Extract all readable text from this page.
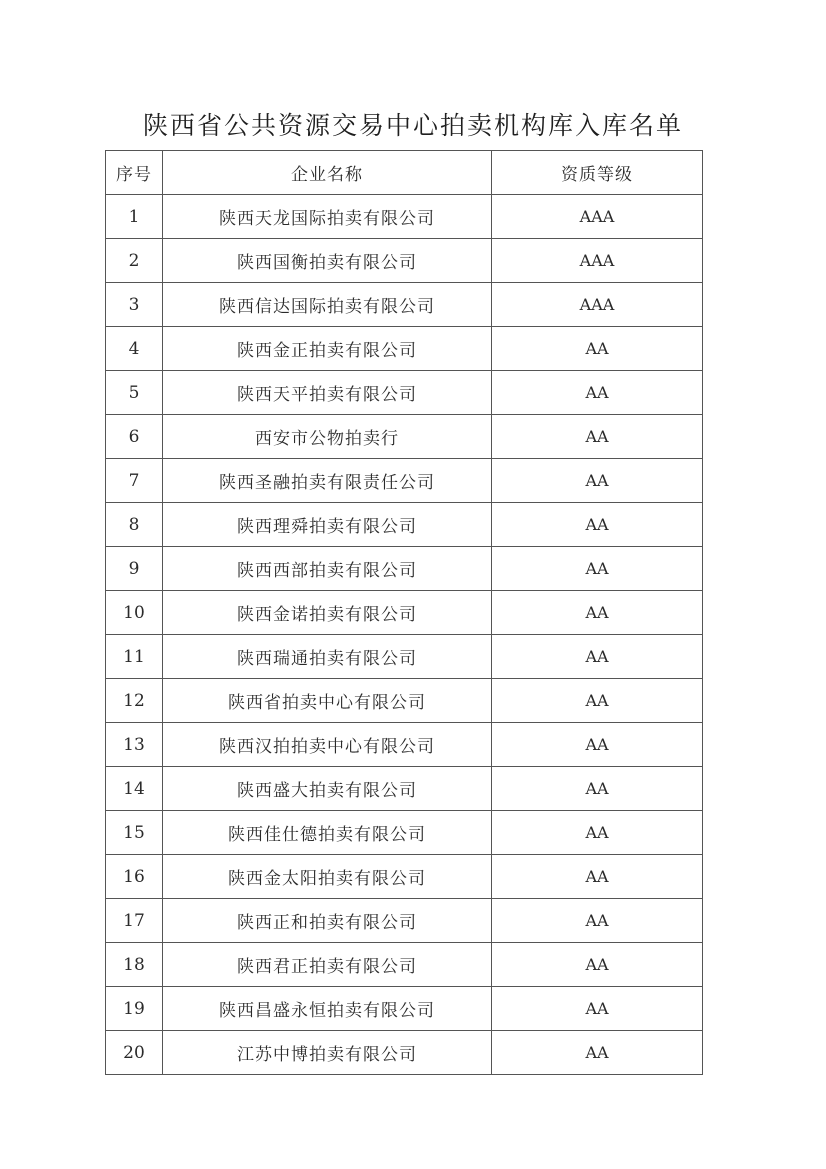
陕西省公共资源交易中心拍卖机构库入库名单
序号	企业名称	资质等级
1	陕西天龙国际拍卖有限公司	AAA
2	陕西国衡拍卖有限公司	AAA
3	陕西信达国际拍卖有限公司	AAA
4	陕西金正拍卖有限公司	AA
5	陕西天平拍卖有限公司	AA
6	西安市公物拍卖行	AA
7	陕西圣融拍卖有限责任公司	AA
8	陕西理舜拍卖有限公司	AA
9	陕西西部拍卖有限公司	AA
10	陕西金诺拍卖有限公司	AA
11	陕西瑞通拍卖有限公司	AA
12	陕西省拍卖中心有限公司	AA
13	陕西汉拍拍卖中心有限公司	AA
14	陕西盛大拍卖有限公司	AA
15	陕西佳仕德拍卖有限公司	AA
16	陕西金太阳拍卖有限公司	AA
17	陕西正和拍卖有限公司	AA
18	陕西君正拍卖有限公司	AA
19	陕西昌盛永恒拍卖有限公司	AA
20	江苏中博拍卖有限公司	AA
